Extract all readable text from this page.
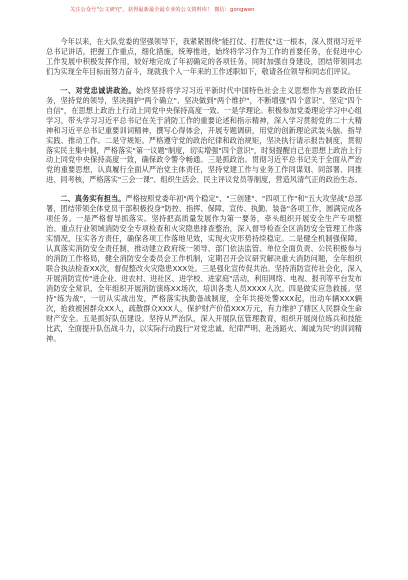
关注公众号"公文研究"，获得最新最全最专业的公文资料库！ 微信：gongwen

今年以来，在大队党委的坚强领导下，我紧紧围绕"能打仗、打胜仗"这一根本，深入贯彻习近平总书记讲话，把握工作重点，细化措施，统筹推进，始终将学习作为工作的首要任务，在促进中心工作发展中积极发挥作用，较好地完成了年初确定的各项任务。同时加强自身建设，团结带领同志们为实现全年目标而努力奋斗，现就我个人一年来的工作述职如下，敬请各位领导和同志们评议。

一、对党忠诚讲政治。始终坚持将学习习近平新时代中国特色社会主义思想作为首要政治任务，坚持党的领导，坚决拥护"两个确立"、坚决做到"两个维护"，不断增强"四个意识"、坚定"四个自信"，在思想上政治上行动上同党中央保持高度一致。一是学理论。积极参加党委理论学习中心组学习，带头学习习近平总书记在关于消防工作的重要论述和指示精神，深入学习贯彻党的二十大精神和习近平总书记重要训词精神，撰写心得体会，开展专题调研，用党的创新理论武装头脑、指导实践、推动工作。二是守规矩。严格遵守党的政治纪律和政治规矩，坚决执行请示报告制度，贯彻落实民主集中制，严格落实"第一议题"制度，切实增强"四个意识"，时刻提醒自己在思想上政治上行动上同党中央保持高度一致，确保政令警令畅通。三是抓政治。贯彻习近平总书记关于全面从严治党的重要思想，认真履行全面从严治党主体责任，坚持党建工作与业务工作同谋划、同部署、同推进、同考核，严格落实"三会一课"、组织生活会、民主评议党员等制度，营造风清气正的政治生态。

二、真务实有担当。严格按照党委年初"两个稳定"、"三创建"、"四项工作"和"五大攻坚战"总部署，团结带领全体党员干部积极投身"防控、指挥、保障、宣传、执勤、装备"各项工作，圆满完成各项任务。一是严格督导抓落实。坚持把高质量发展作为第一要务，牵头组织开展安全生产专项整治、重点行业领域消防安全专项检查和火灾隐患排查整治，深入督导检查全区消防安全管理工作落实情况，压实各方责任，确保各项工作落地见效，实现火灾形势持续稳定。二是健全机制强保障。认真落实消防安全责任制，推动建立政府统一领导、部门依法监管、单位全面负责、公民积极参与的消防工作格局，健全消防安全委员会工作机制，定期召开会议研究解决重大消防问题，全年组织联合执法检查XX次，督促整改火灾隐患XXX处。三是强化宣传促共治。坚持消防宣传社会化，深入开展消防宣传"进企业、进农村、进社区、进学校、进家庭"活动，利用网络、电视、报刊等平台发布消防安全常识，全年组织开展消防演练XX场次，培训各类人员XXXX人次。四是做实应急救援。坚持"练为战"，一切从实战出发，严格落实执勤备战制度，全年共接处警XXX起，出动车辆XXX辆次，抢救被困群众XX人，疏散群众XXX人，保护财产价值XXX万元，有力维护了辖区人民群众生命财产安全。五是抓好队伍建设。坚持从严治队，深入开展队伍管理教育，组织开展岗位练兵和技能比武，全面提升队伍战斗力，以实际行动践行"对党忠诚、纪律严明、赴汤蹈火、竭诚为民"的训词精神。
